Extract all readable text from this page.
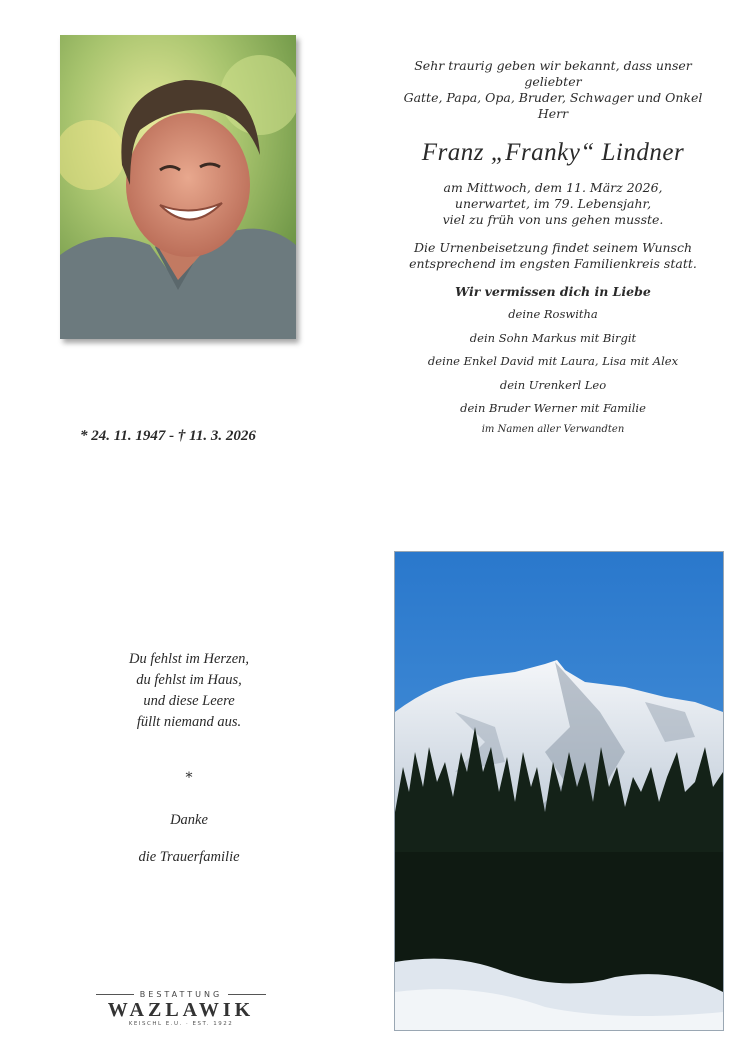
Sehr traurig geben wir bekannt, dass unser geliebter
Gatte, Papa, Opa, Bruder, Schwager und Onkel
Herr
Franz „Franky“ Lindner
am Mittwoch, dem 11. März 2026,
unerwartet, im 79. Lebensjahr,
viel zu früh von uns gehen musste.
Die Urnenbeisetzung findet seinem Wunsch
entsprechend im engsten Familienkreis statt.
Wir vermissen dich in Liebe
deine Roswitha
dein Sohn Markus mit Birgit
deine Enkel David mit Laura, Lisa mit Alex
dein Urenkerl Leo
dein Bruder Werner mit Familie
im Namen aller Verwandten
* 24. 11. 1947 - † 11. 3. 2026
Du fehlst im Herzen,
du fehlst im Haus,
und diese Leere
füllt niemand aus.
*
Danke
die Trauerfamilie
BESTATTUNG
WAZLAWIK
KEISCHL E.U. · EST. 1922
